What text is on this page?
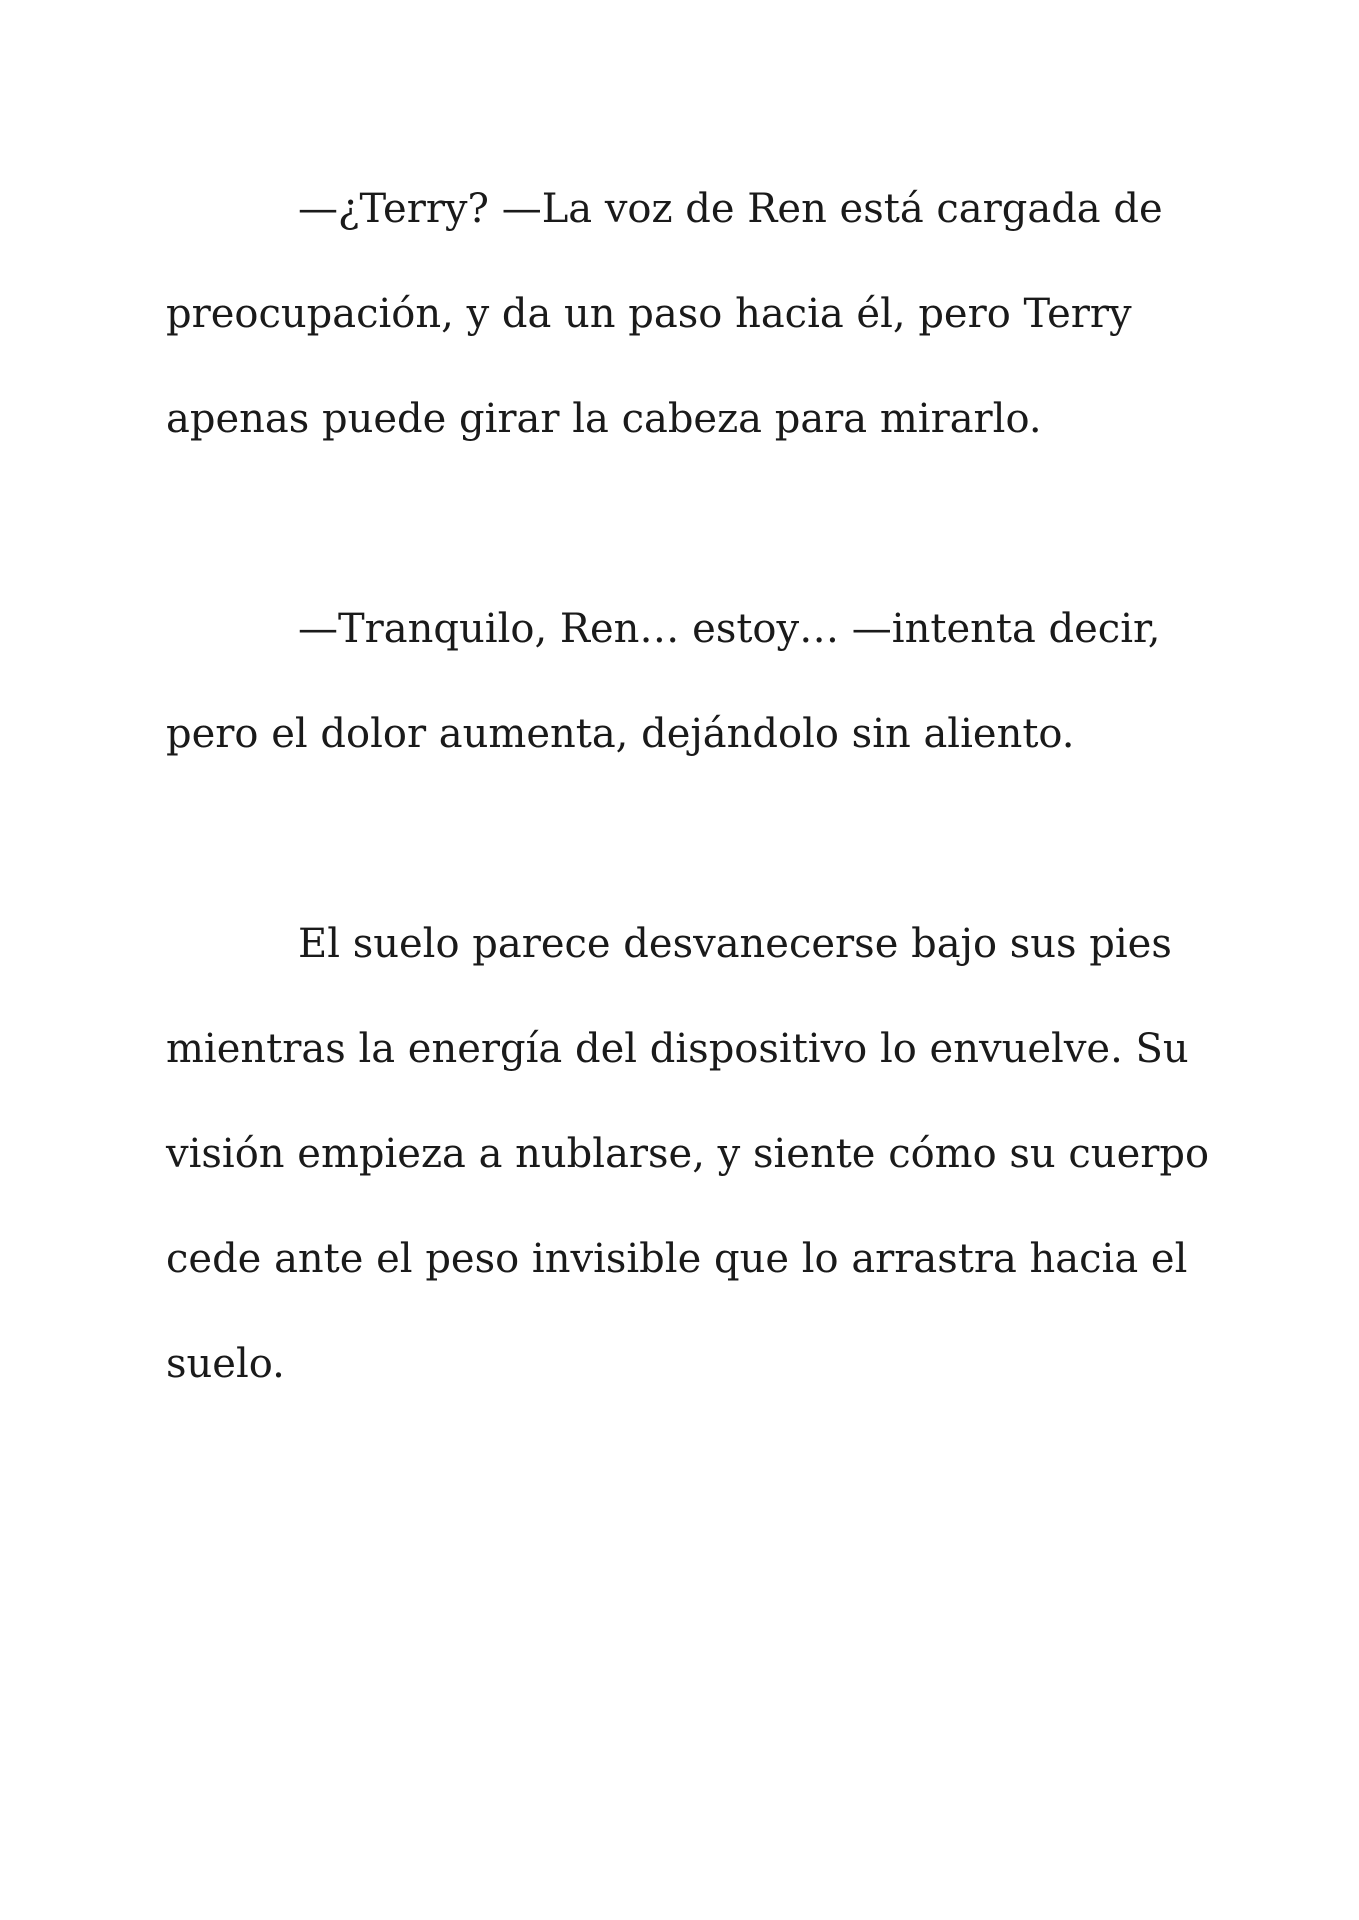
—¿Terry? —La voz de Ren está cargada de
preocupación, y da un paso hacia él, pero Terry
apenas puede girar la cabeza para mirarlo.
—Tranquilo, Ren… estoy… —intenta decir,
pero el dolor aumenta, dejándolo sin aliento.
El suelo parece desvanecerse bajo sus pies
mientras la energía del dispositivo lo envuelve. Su
visión empieza a nublarse, y siente cómo su cuerpo
cede ante el peso invisible que lo arrastra hacia el
suelo.
